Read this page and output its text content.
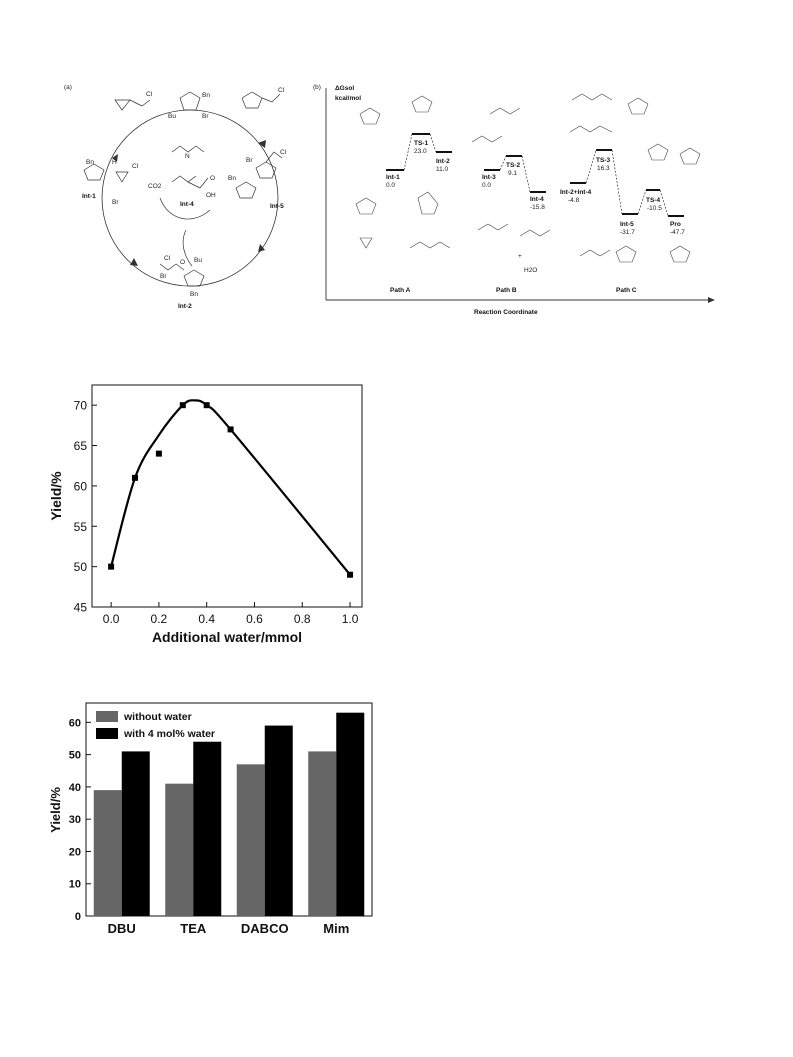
(a)
Cl	Bn
Bu	Br
Bn	H
Cl
Int-1
Br
N
CO2
O
OH
Int-4
Cl
Br
Cl
Bn
Int-5
Cl
O Bu
Br
Bn
Int-2
(b) ΔGsol
kcal/mol
Reaction Coordinate
Int-1
0.0
TS-1
23.0
Int-2
11.0
Int-3
0.0
TS-2
9.1
Int-4
-15.8
Int-2+Int-4
-4.8
TS-3
16.3
Int-5
-31.7
TS-4
-10.5
Pro
-47.7
+
H2O
Path A	Path B	Path C
45
50
55
60
65
70
0.0	0.2	0.4	0.6	0.8	1.0
Additional water/mmol
Yield/%
0
10
20
30
40
50
60
DBU	TEA	DABCO	Mim
without water
with 4 mol% water
Yield/%
